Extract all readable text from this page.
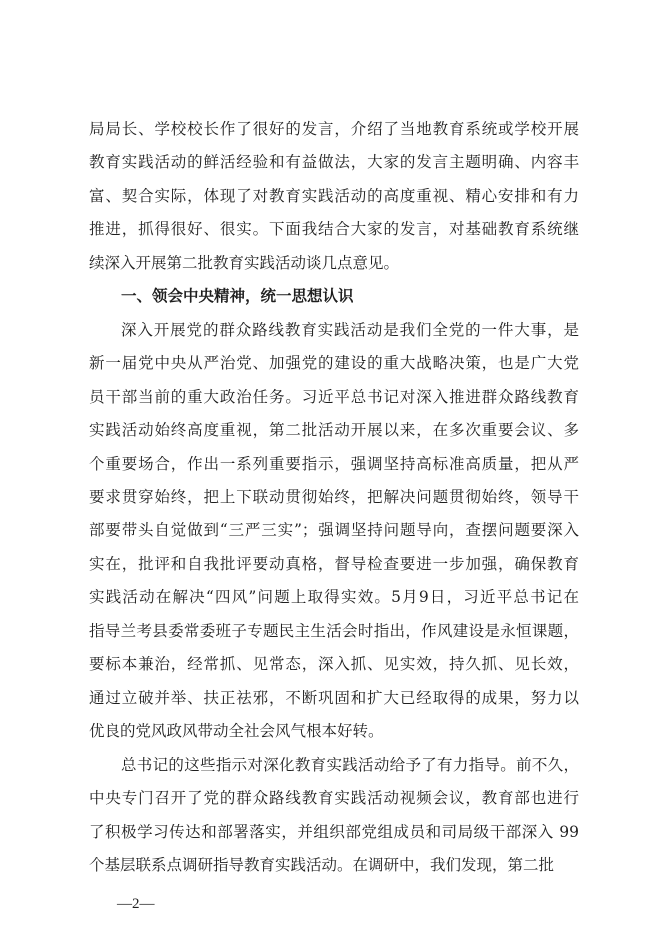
局局长、学校校长作了很好的发言，介绍了当地教育系统或学校开展
教育实践活动的鲜活经验和有益做法，大家的发言主题明确、内容丰
富、契合实际，体现了对教育实践活动的高度重视、精心安排和有力
推进，抓得很好、很实。下面我结合大家的发言，对基础教育系统继
续深入开展第二批教育实践活动谈几点意见。
一、领会中央精神，统一思想认识
深入开展党的群众路线教育实践活动是我们全党的一件大事，是
新一届党中央从严治党、加强党的建设的重大战略决策，也是广大党
员干部当前的重大政治任务。习近平总书记对深入推进群众路线教育
实践活动始终高度重视，第二批活动开展以来，在多次重要会议、多
个重要场合，作出一系列重要指示，强调坚持高标准高质量，把从严
要求贯穿始终，把上下联动贯彻始终，把解决问题贯彻始终，领导干
部要带头自觉做到“三严三实”；强调坚持问题导向，查摆问题要深入
实在，批评和自我批评要动真格，督导检查要进一步加强，确保教育
实践活动在解决“四风”问题上取得实效。5月9日，习近平总书记在
指导兰考县委常委班子专题民主生活会时指出，作风建设是永恒课题，
要标本兼治，经常抓、见常态，深入抓、见实效，持久抓、见长效，
通过立破并举、扶正祛邪，不断巩固和扩大已经取得的成果，努力以
优良的党风政风带动全社会风气根本好转。
总书记的这些指示对深化教育实践活动给予了有力指导。前不久，
中央专门召开了党的群众路线教育实践活动视频会议，教育部也进行
了积极学习传达和部署落实，并组织部党组成员和司局级干部深入 99
个基层联系点调研指导教育实践活动。在调研中，我们发现，第二批
—2—
